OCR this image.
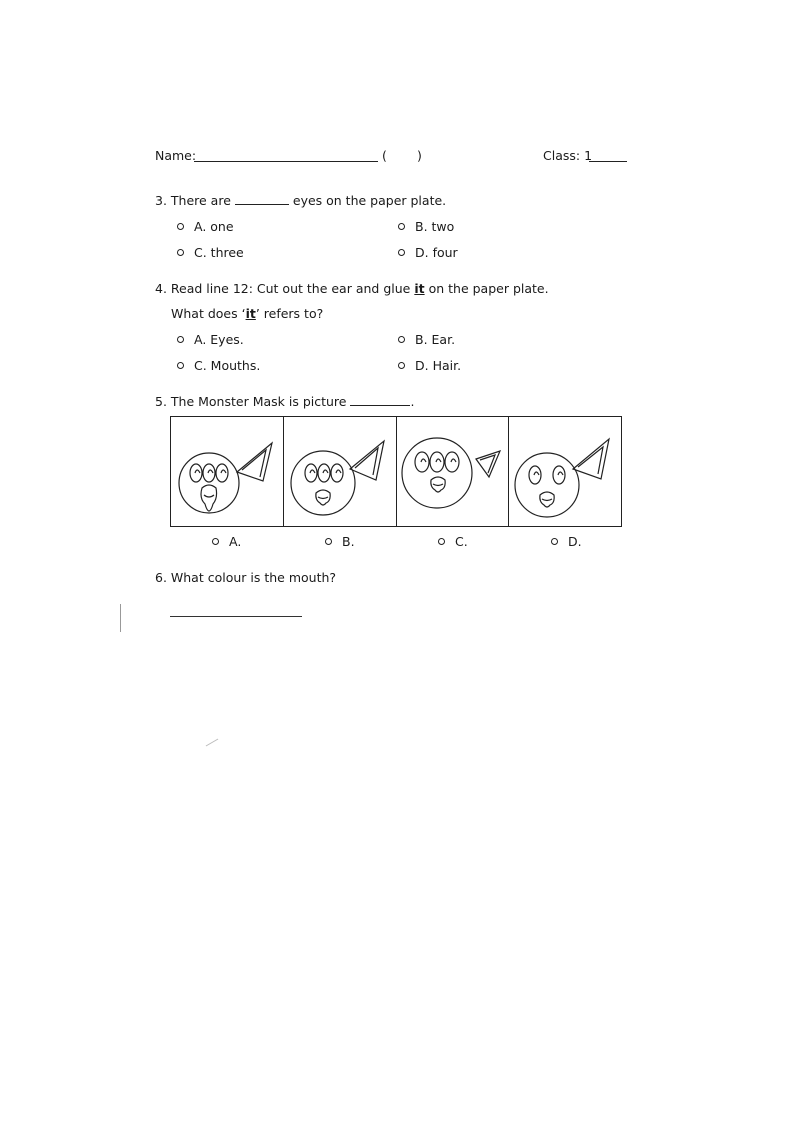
Name:	( )	Class: 1
3. There are	eyes on the paper plate.
A. one	B. two
C. three	D. four
4. Read line 12: Cut out the ear and glue it on the paper plate.
What does ‘it’ refers to?
A. Eyes.	B. Ear.
C. Mouths.	D. Hair.
5. The Monster Mask is picture	.
A.	B.	C.	D.
6. What colour is the mouth?
